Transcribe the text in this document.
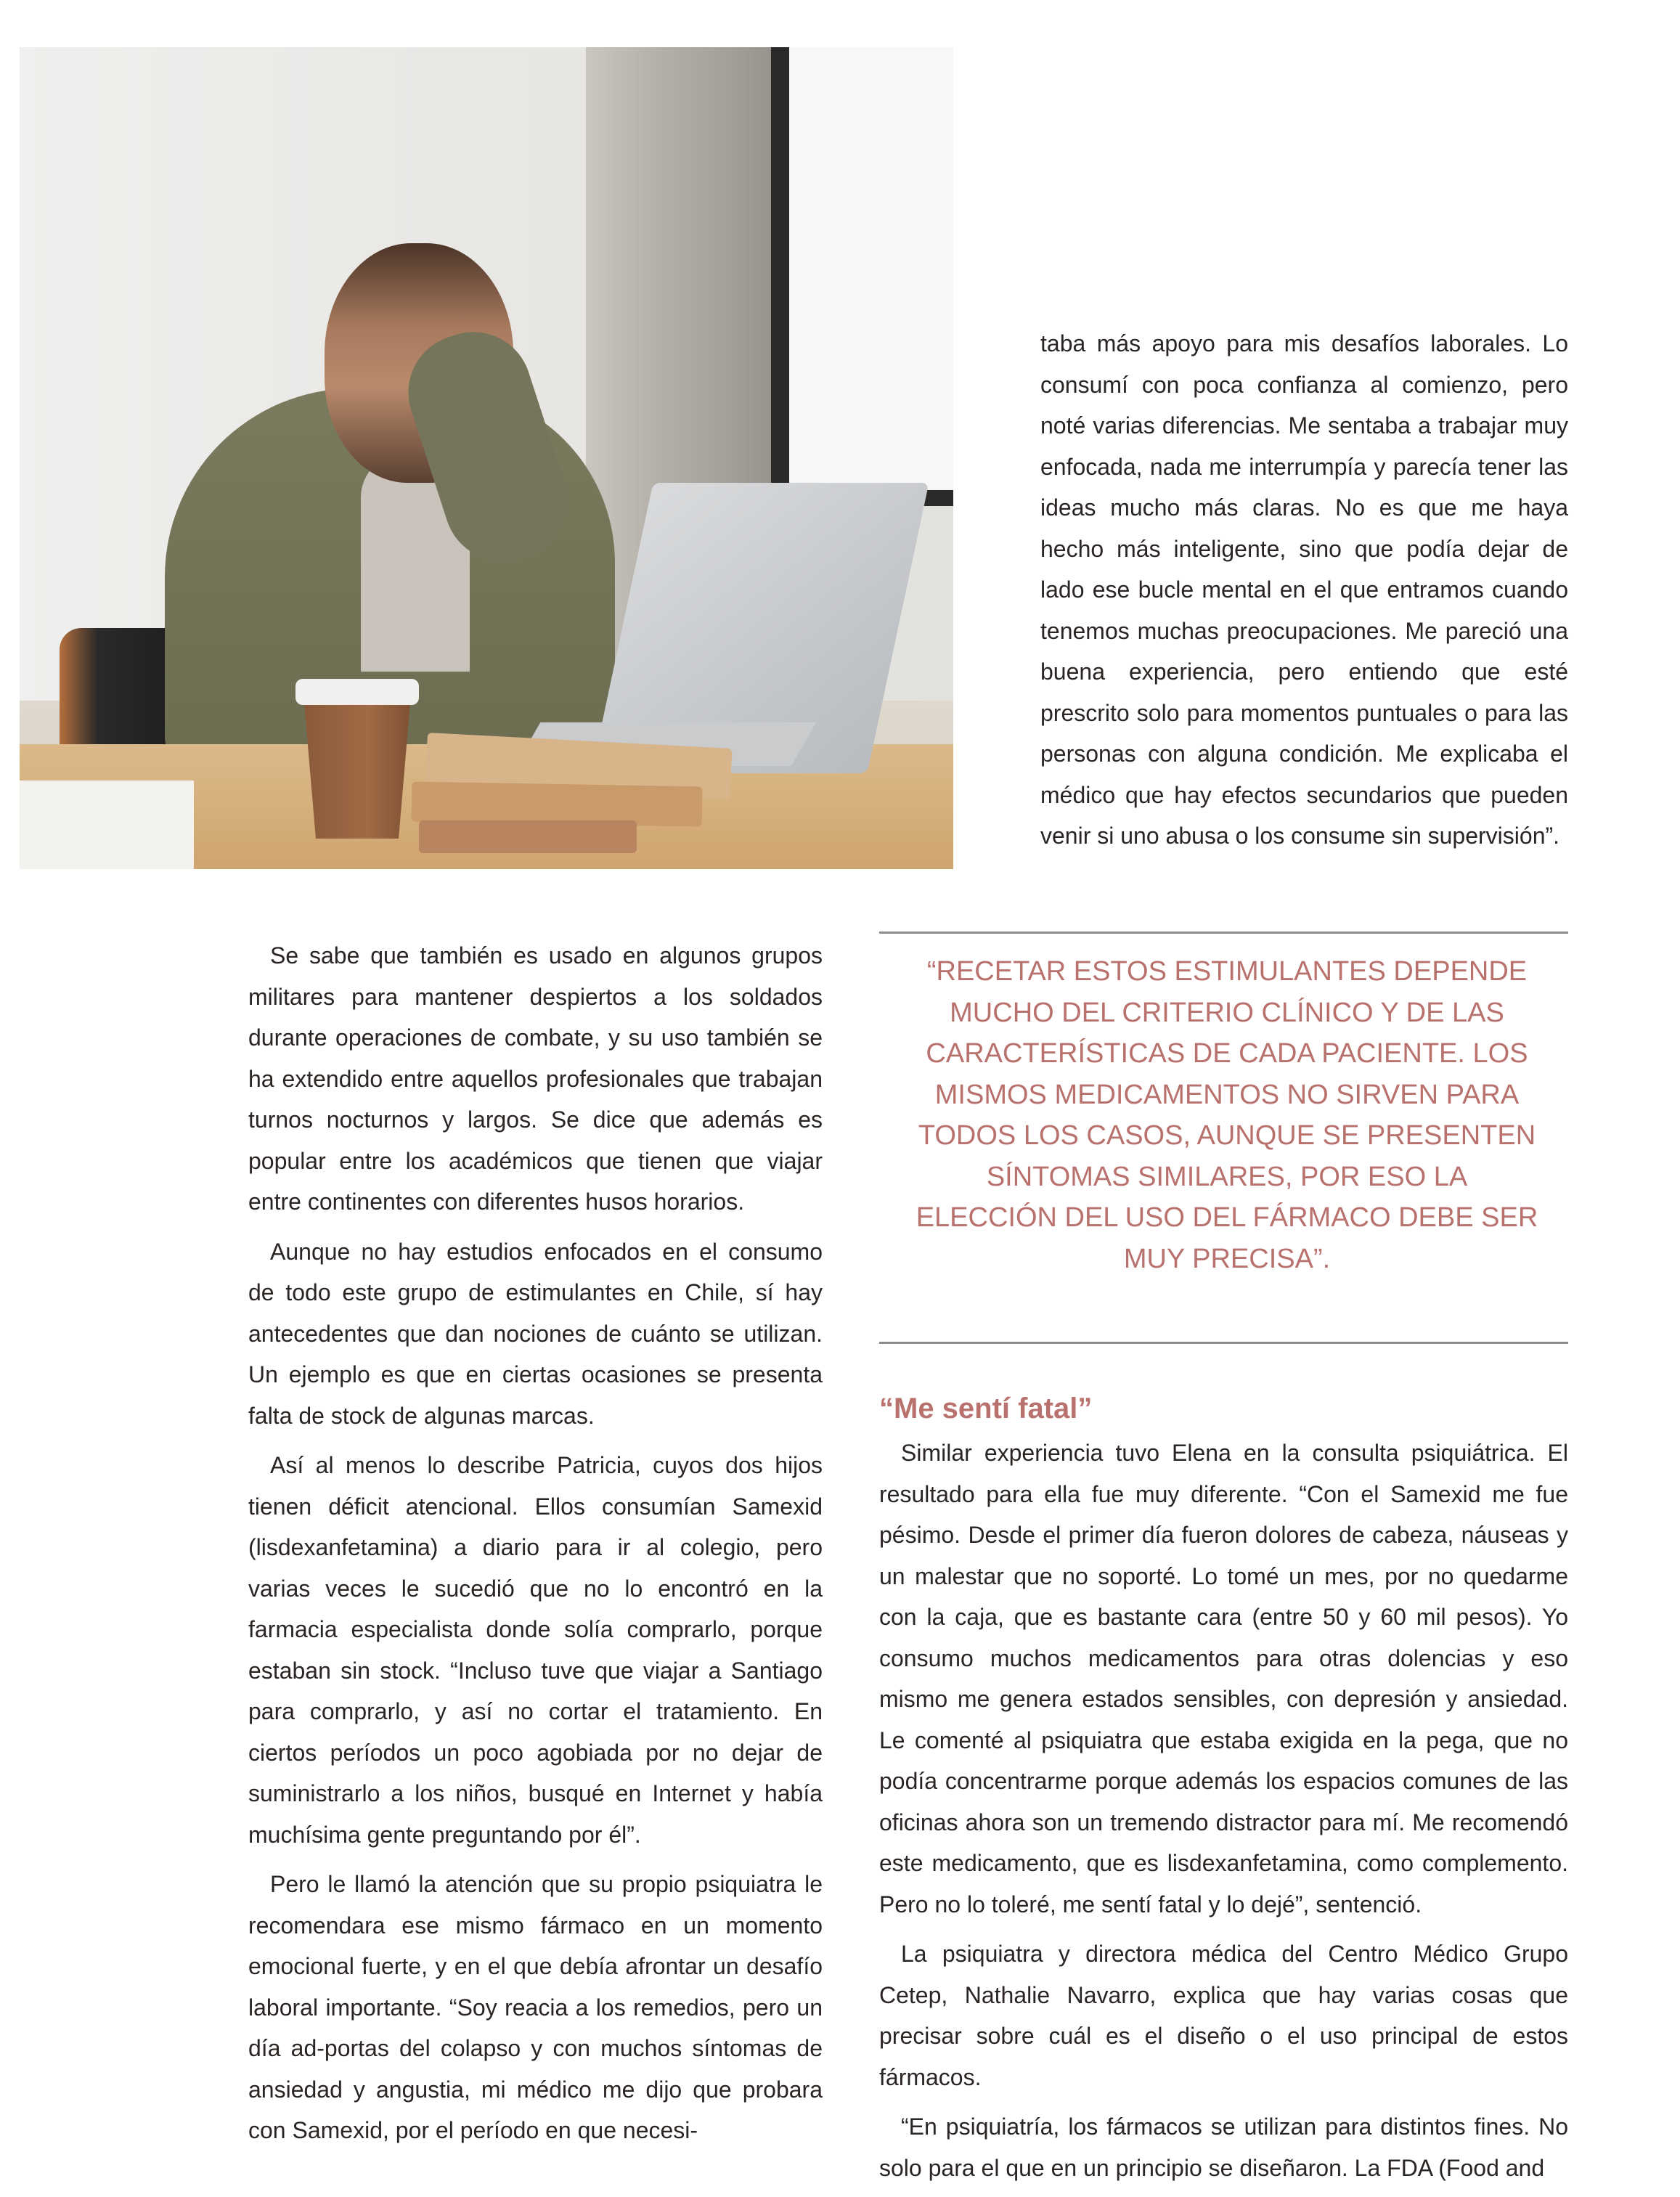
taba más apoyo para mis desafíos laborales. Lo consumí con poca confianza al comienzo, pero noté varias diferencias. Me sentaba a trabajar muy enfocada, nada me interrumpía y parecía tener las ideas mucho más claras. No es que me haya hecho más inteligente, sino que podía dejar de lado ese bucle mental en el que entramos cuando tenemos muchas preocupaciones. Me pareció una buena experiencia, pero entiendo que esté prescrito solo para momentos puntuales o para las personas con alguna condición. Me explicaba el médico que hay efectos secundarios que pueden venir si uno abusa o los consume sin supervisión”.

Se sabe que también es usado en algunos grupos militares para mantener despiertos a los soldados durante operaciones de combate, y su uso también se ha extendido entre aquellos profesionales que trabajan turnos nocturnos y largos. Se dice que además es popular entre los académicos que tienen que viajar entre continentes con diferentes husos horarios.

Aunque no hay estudios enfocados en el consumo de todo este grupo de estimulantes en Chile, sí hay antecedentes que dan nociones de cuánto se utilizan. Un ejemplo es que en ciertas ocasiones se presenta falta de stock de algunas marcas.

Así al menos lo describe Patricia, cuyos dos hijos tienen déficit atencional. Ellos consumían Samexid (lisdexanfetamina) a diario para ir al colegio, pero varias veces le sucedió que no lo encontró en la farmacia especialista donde solía comprarlo, porque estaban sin stock. “Incluso tuve que viajar a Santiago para comprarlo, y así no cortar el tratamiento. En ciertos períodos un poco agobiada por no dejar de suministrarlo a los niños, busqué en Internet y había muchísima gente preguntando por él”.

Pero le llamó la atención que su propio psiquiatra le recomendara ese mismo fármaco en un momento emocional fuerte, y en el que debía afrontar un desafío laboral importante. “Soy reacia a los remedios, pero un día ad-portas del colapso y con muchos síntomas de ansiedad y angustia, mi médico me dijo que probara con Samexid, por el período en que necesi-

“RECETAR ESTOS ESTIMULANTES DEPENDE MUCHO DEL CRITERIO CLÍNICO Y DE LAS CARACTERÍSTICAS DE CADA PACIENTE. LOS MISMOS MEDICAMENTOS NO SIRVEN PARA TODOS LOS CASOS, AUNQUE SE PRESENTEN SÍNTOMAS SIMILARES, POR ESO LA ELECCIÓN DEL USO DEL FÁRMACO DEBE SER MUY PRECISA”.
“Me sentí fatal”

Similar experiencia tuvo Elena en la consulta psiquiátrica. El resultado para ella fue muy diferente. “Con el Samexid me fue pésimo. Desde el primer día fueron dolores de cabeza, náuseas y un malestar que no soporté. Lo tomé un mes, por no quedarme con la caja, que es bastante cara (entre 50 y 60 mil pesos). Yo consumo muchos medicamentos para otras dolencias y eso mismo me genera estados sensibles, con depresión y ansiedad. Le comenté al psiquiatra que estaba exigida en la pega, que no podía concentrarme porque además los espacios comunes de las oficinas ahora son un tremendo distractor para mí. Me recomendó este medicamento, que es lisdexanfetamina, como complemento. Pero no lo toleré, me sentí fatal y lo dejé”, sentenció.

La psiquiatra y directora médica del Centro Médico Grupo Cetep, Nathalie Navarro, explica que hay varias cosas que precisar sobre cuál es el diseño o el uso principal de estos fármacos.

“En psiquiatría, los fármacos se utilizan para distintos fines. No solo para el que en un principio se diseñaron. La FDA (Food and
